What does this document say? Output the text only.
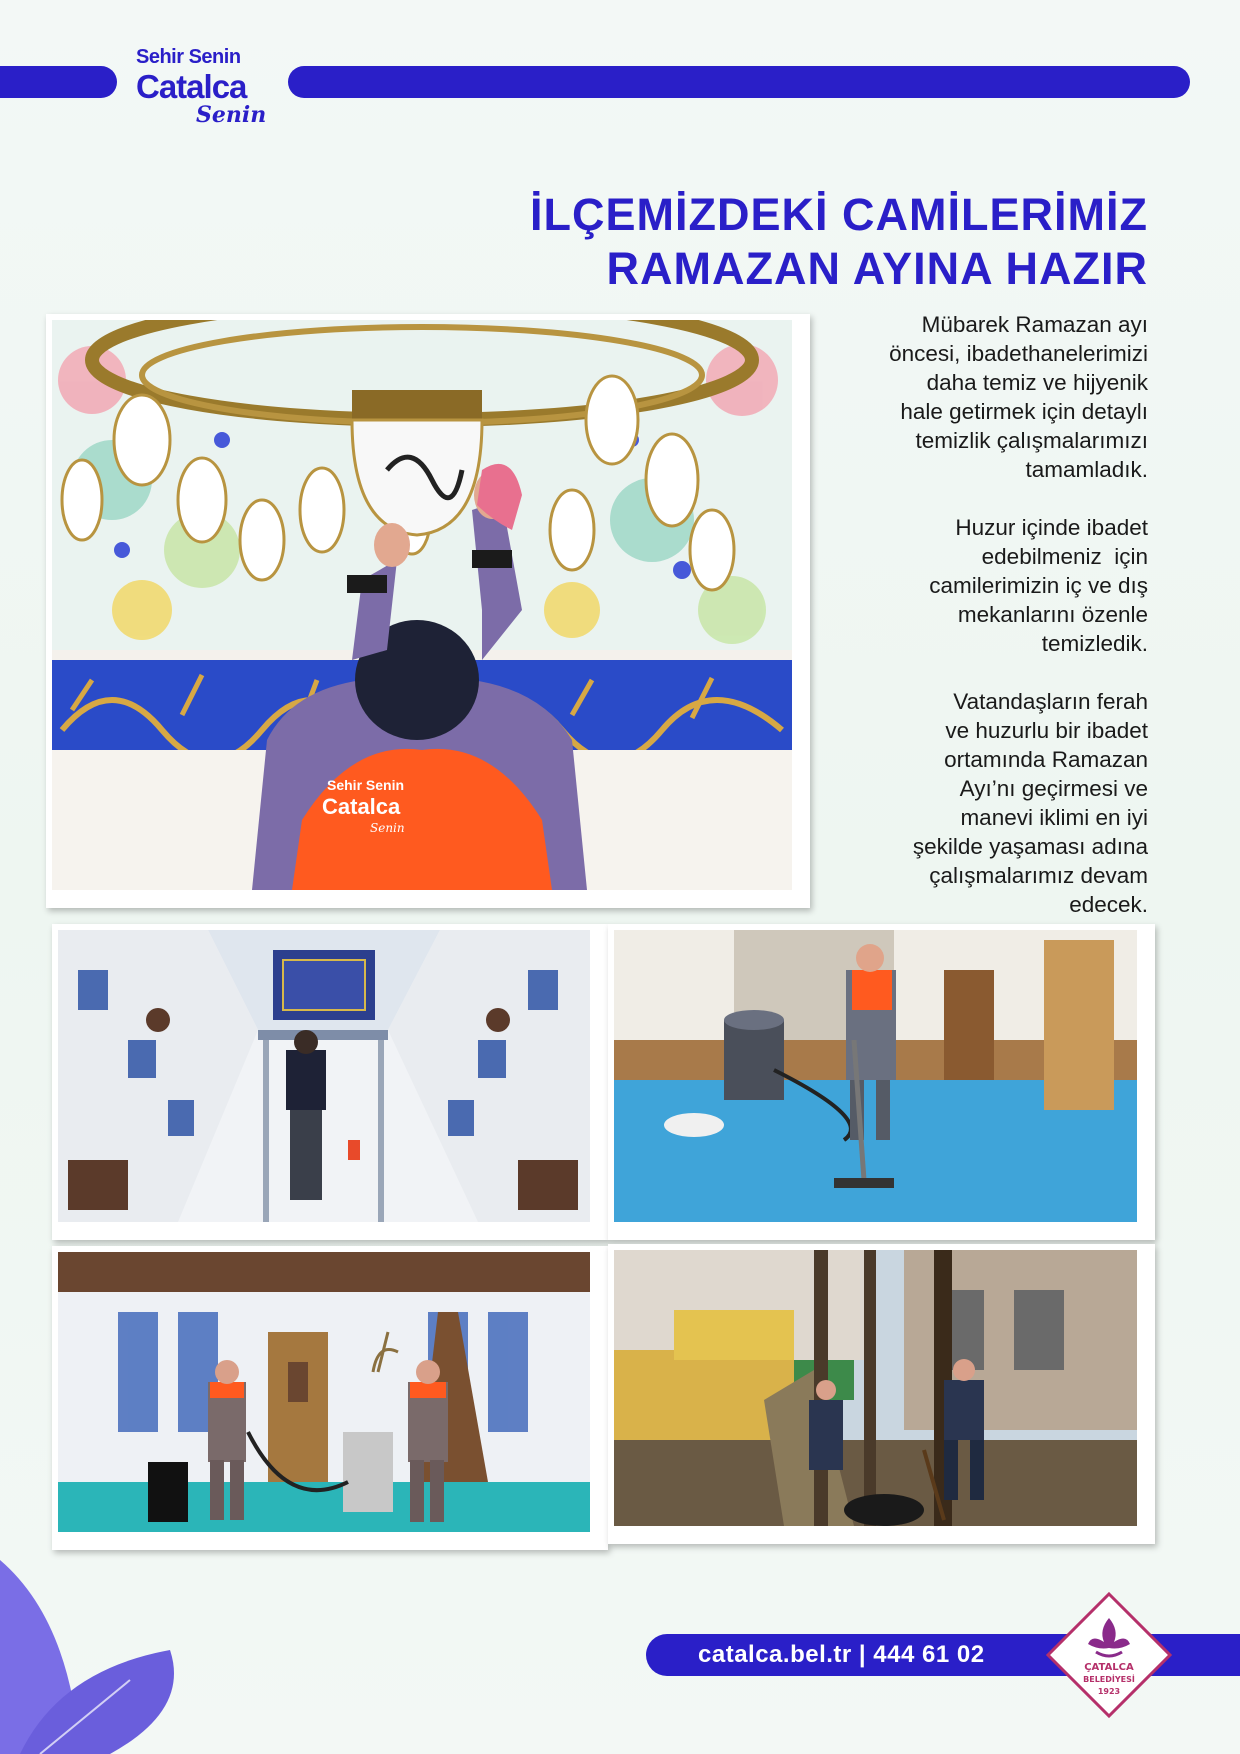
Sehir Senin
Catalca
Senin
İLÇEMİZDEKİ CAMİLERİMİZ
RAMAZAN AYINA HAZIR

Mübarek Ramazan ayı
öncesi, ibadethanelerimizi
daha temiz ve hijyenik
hale getirmek için detaylı
temizlik çalışmalarımızı
tamamladık.

Huzur içinde ibadet
edebilmeniz  için
camilerimizin iç ve dış
mekanlarını özenle
temizledik.

Vatandaşların ferah
ve huzurlu bir ibadet
ortamında Ramazan
Ayı’nı geçirmesi ve
manevi iklimi en iyi
şekilde yaşaması adına
çalışmalarımız devam
edecek.

Sehir Senin
Catalca
Senin
catalca.bel.tr | 444 61 02	ÇATALCA
BELEDİYESİ
1923
